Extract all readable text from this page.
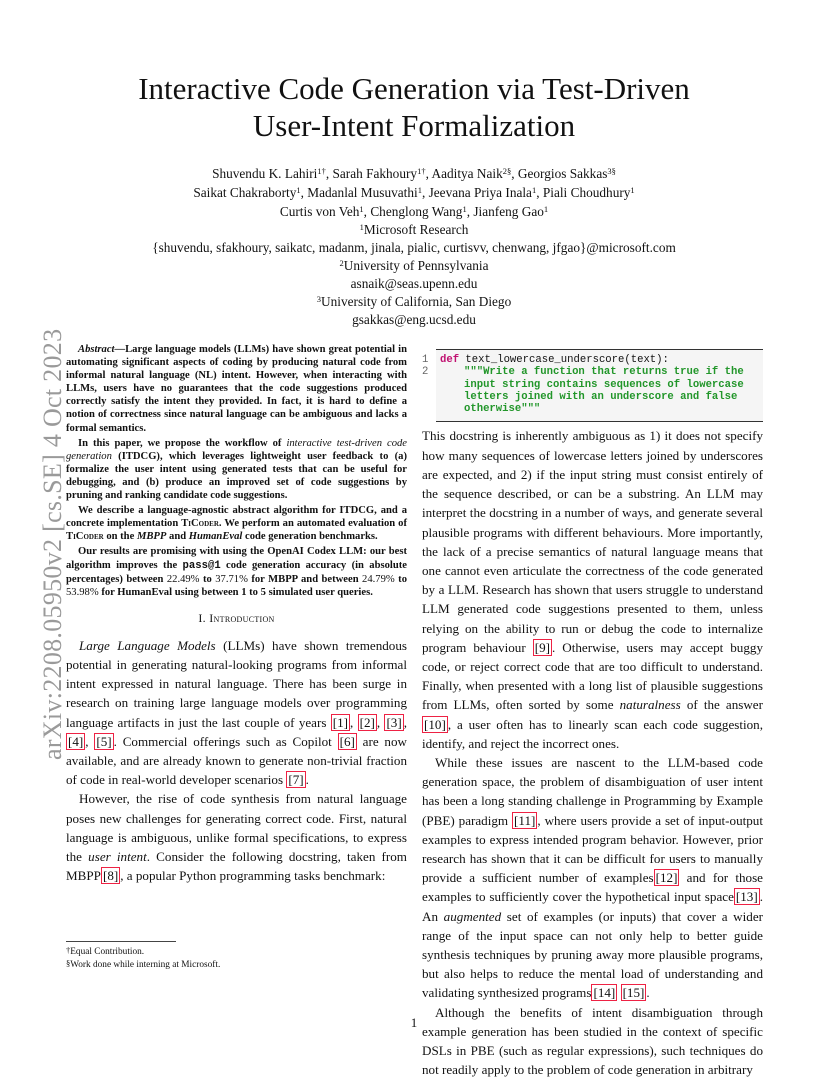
Interactive Code Generation via Test-Driven
User-Intent Formalization
Shuvendu K. Lahiri$^{1\dagger}$, Sarah Fakhoury$^{1\dagger}$, Aaditya Naik$^{2\S}$, Georgios Sakkas$^{3\S}$
Saikat Chakraborty$^1$, Madanlal Musuvathi$^1$, Jeevana Priya Inala$^1$, Piali Choudhury$^1$
Curtis von Veh$^1$, Chenglong Wang$^1$, Jianfeng Gao$^1$
$^1$Microsoft Research
{shuvendu, sfakhoury, saikatc, madanm, jinala, pialic, curtisvv, chenwang, jfgao}@microsoft.com
$^2$University of Pennsylvania
asnaik@seas.upenn.edu
$^3$University of California, San Diego
gsakkas@eng.ucsd.edu
arXiv:2208.05950v2 [cs.SE] 4 Oct 2023	Abstract—Large language models (LLMs) have shown great potential in automating significant aspects of coding by producing natural code from informal natural language (NL) intent. However, when interacting with LLMs, users have no guarantees that the code suggestions produced correctly satisfy the intent they provided. In fact, it is hard to define a notion of correctness since natural language can be ambiguous and lacks a formal semantics.

In this paper, we propose the workflow of interactive test-driven code generation (ITDCG), which leverages lightweight user feedback to (a) formalize the user intent using generated tests that can be useful for debugging, and (b) produce an improved set of code suggestions by pruning and ranking candidate code suggestions.

We describe a language-agnostic abstract algorithm for ITDCG, and a concrete implementation TiCoder. We perform an automated evaluation of TiCoder on the MBPP and HumanEval code generation benchmarks.

Our results are promising with using the OpenAI Codex LLM: our best algorithm improves the pass@1 code generation accuracy (in absolute percentages) between 22.49% to 37.71% for MBPP and between 24.79% to 53.98% for HumanEval using between 1 to 5 simulated user queries.

I. Introduction

Large Language Models (LLMs) have shown tremendous potential in generating natural-looking programs from informal intent expressed in natural language. There has been surge in research on training large language models over programming language artifacts in just the last couple of years [1] , [2] , [3] , [4] , [5] . Commercial offerings such as Copilot [6] are now available, and are already known to generate non-trivial fraction of code in real-world developer scenarios [7] .

However, the rise of code synthesis from natural language poses new challenges for generating correct code. First, natural language is ambiguous, unlike formal specifications, to express the user intent. Consider the following docstring, taken from MBPP [8] , a popular Python programming tasks benchmark:

†Equal Contribution.
§Work done while interning at Microsoft.
1	def text_lowercase_underscore(text):
2	"""Write a function that returns true if the
input string contains sequences of lowercase
letters joined with an underscore and false
otherwise"""

This docstring is inherently ambiguous as 1) it does not specify how many sequences of lowercase letters joined by underscores are expected, and 2) if the input string must consist entirely of the sequence described, or can be a substring. An LLM may interpret the docstring in a number of ways, and generate several plausible programs with different behaviours. More importantly, the lack of a precise semantics of natural language means that one cannot even articulate the correctness of the code generated by a LLM. Research has shown that users struggle to understand LLM generated code suggestions presented to them, unless relying on the ability to run or debug the code to internalize program behaviour [9] . Otherwise, users may accept buggy code, or reject correct code that are too difficult to understand. Finally, when presented with a long list of plausible suggestions from LLMs, often sorted by some naturalness of the answer [10] , a user often has to linearly scan each code suggestion, identify, and reject the incorrect ones.

While these issues are nascent to the LLM-based code generation space, the problem of disambiguation of user intent has been a long standing challenge in Programming by Example (PBE) paradigm [11] , where users provide a set of input-output examples to express intended program behavior. However, prior research has shown that it can be difficult for users to manually provide a sufficient number of examples [12] and for those examples to sufficiently cover the hypothetical input space [13] . An augmented set of examples (or inputs) that cover a wider range of the input space can not only help to better guide synthesis techniques by pruning away more plausible programs, but also helps to reduce the mental load of understanding and validating synthesized programs [14] [15] .

Although the benefits of intent disambiguation through example generation has been studied in the context of specific DSLs in PBE (such as regular expressions), such techniques do not readily apply to the problem of code generation in arbitrary

1
